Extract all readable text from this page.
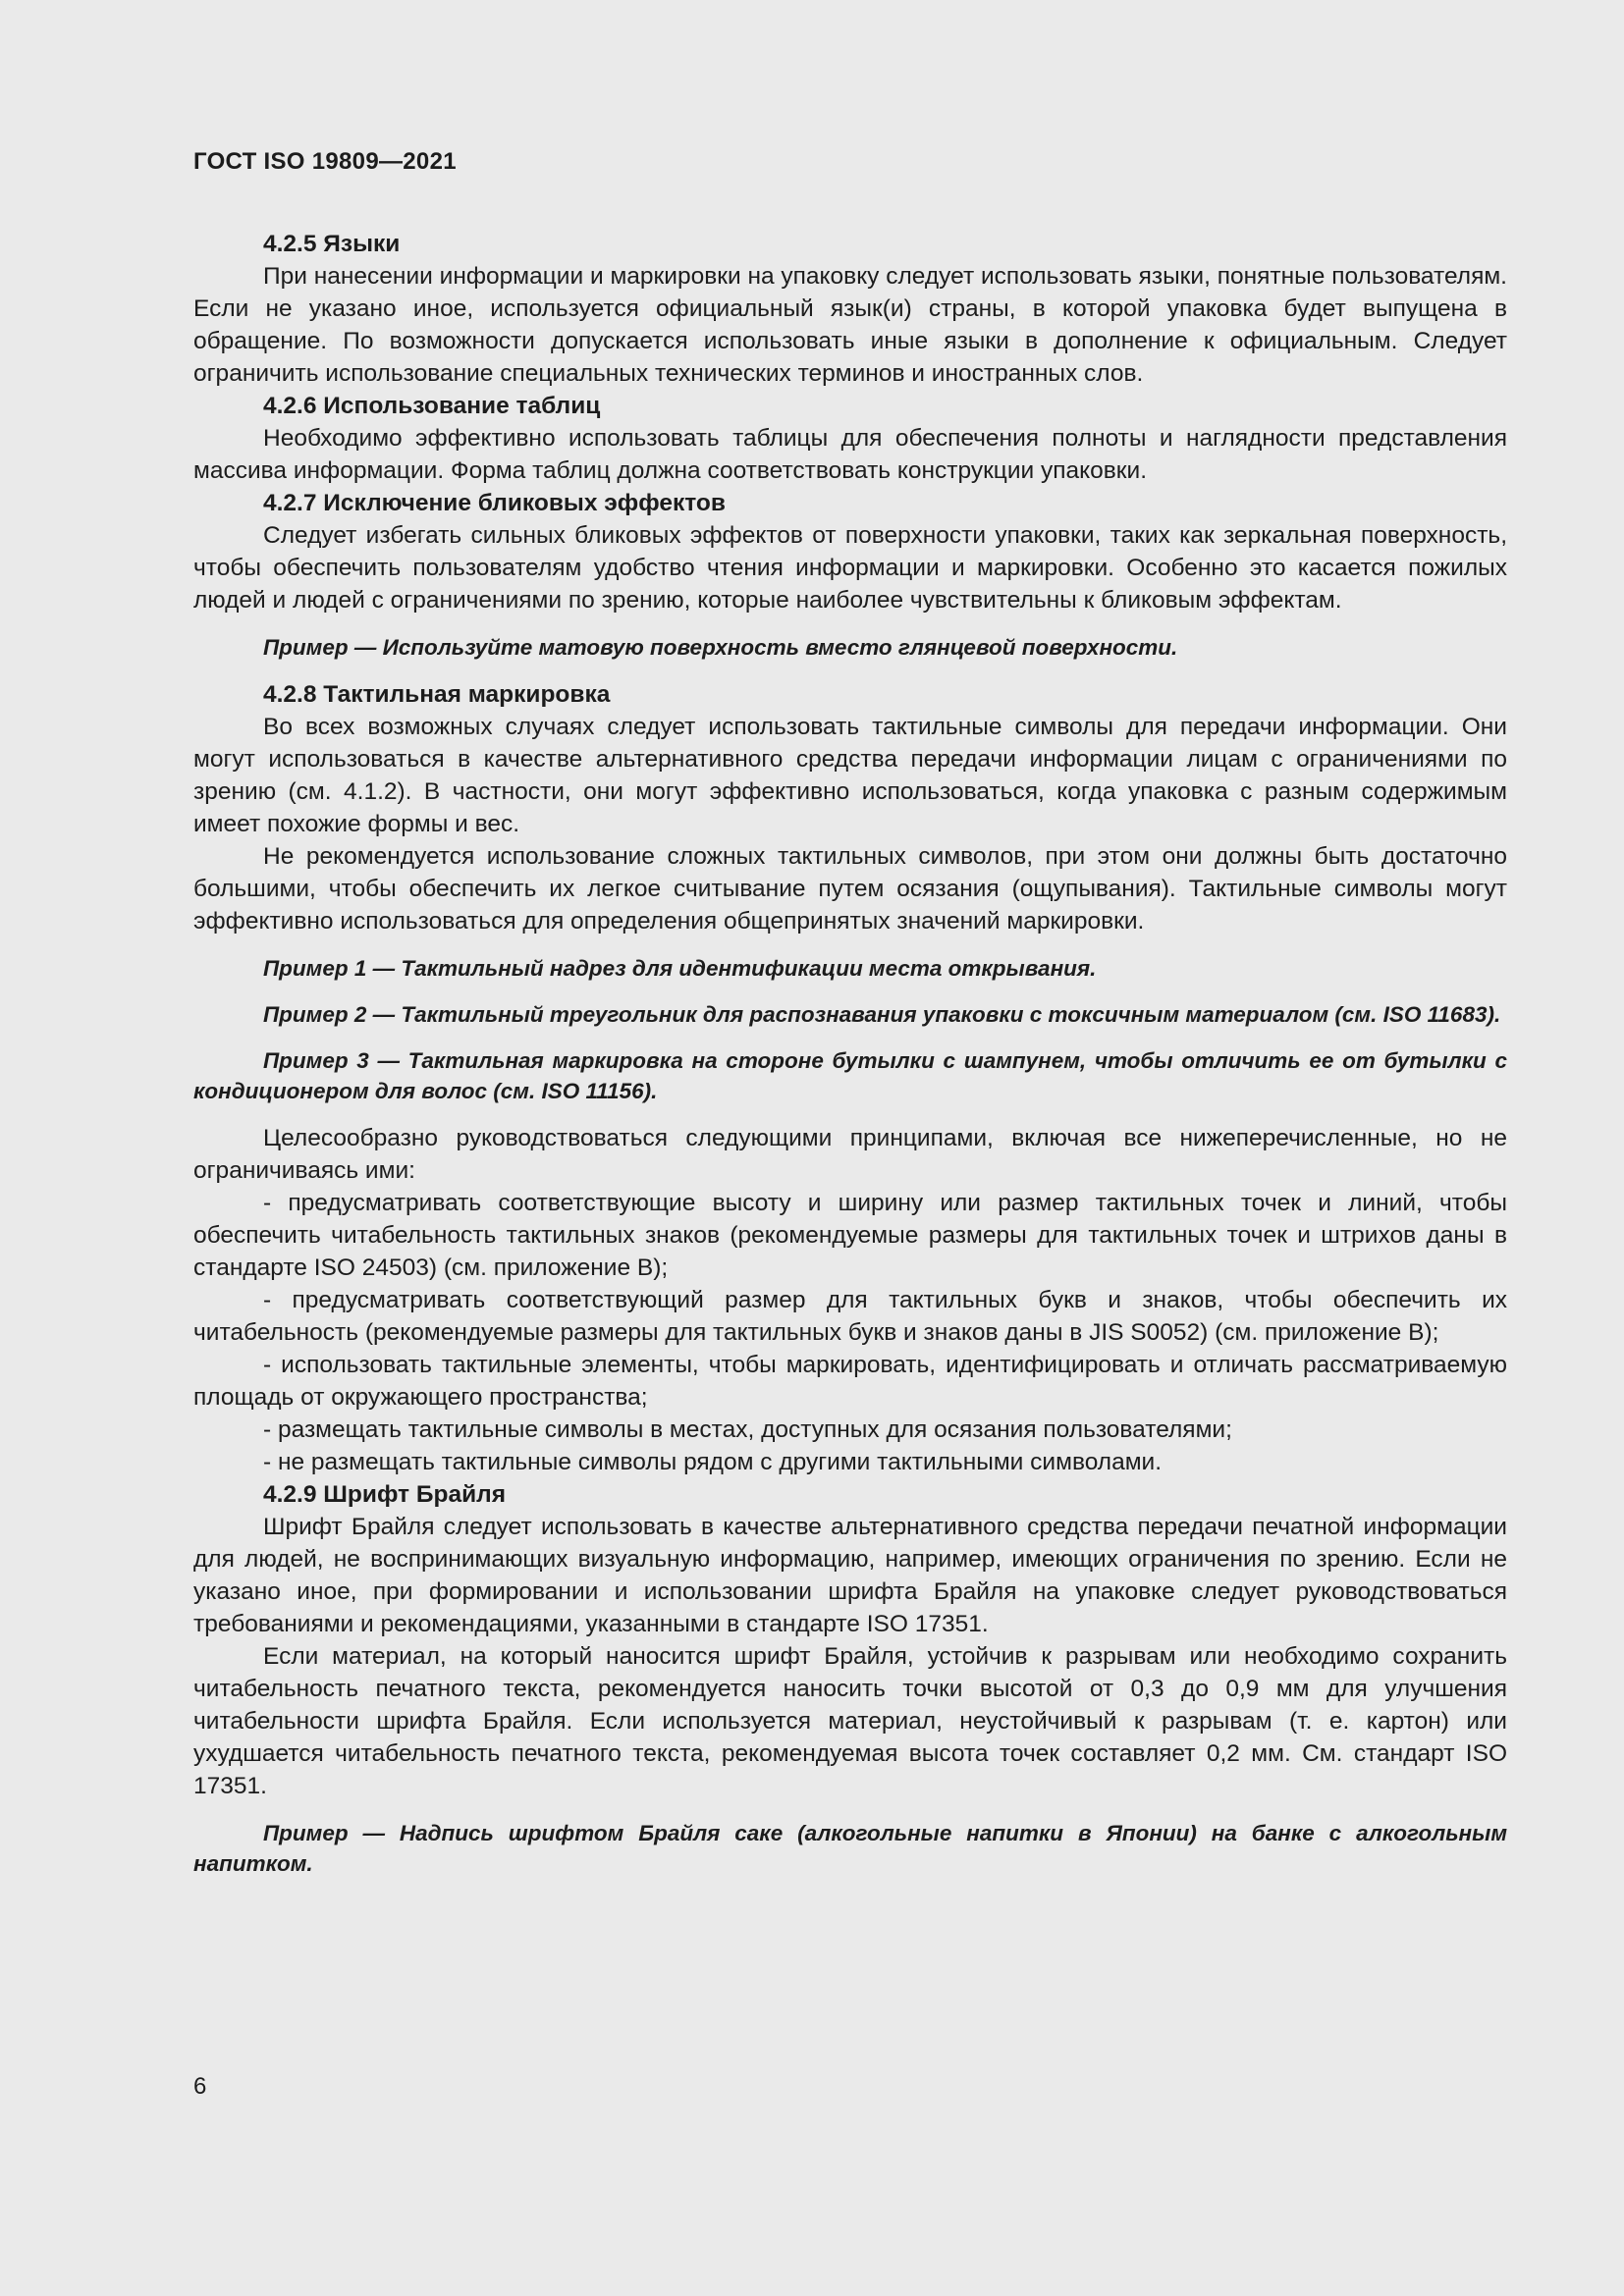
ГОСТ ISO 19809—2021
4.2.5 Языки

При нанесении информации и маркировки на упаковку следует использовать языки, понятные пользователям. Если не указано иное, используется официальный язык(и) страны, в которой упаковка будет выпущена в обращение. По возможности допускается использовать иные языки в дополнение к официальным. Следует ограничить использование специальных технических терминов и иностранных слов.

4.2.6 Использование таблиц

Необходимо эффективно использовать таблицы для обеспечения полноты и наглядности представления массива информации. Форма таблиц должна соответствовать конструкции упаковки.

4.2.7 Исключение бликовых эффектов

Следует избегать сильных бликовых эффектов от поверхности упаковки, таких как зеркальная поверхность, чтобы обеспечить пользователям удобство чтения информации и маркировки. Особенно это касается пожилых людей и людей с ограничениями по зрению, которые наиболее чувствительны к бликовым эффектам.

Пример — Используйте матовую поверхность вместо глянцевой поверхности.

4.2.8 Тактильная маркировка

Во всех возможных случаях следует использовать тактильные символы для передачи информации. Они могут использоваться в качестве альтернативного средства передачи информации лицам с ограничениями по зрению (см. 4.1.2). В частности, они могут эффективно использоваться, когда упаковка с разным содержимым имеет похожие формы и вес.

Не рекомендуется использование сложных тактильных символов, при этом они должны быть достаточно большими, чтобы обеспечить их легкое считывание путем осязания (ощупывания). Тактильные символы могут эффективно использоваться для определения общепринятых значений маркировки.

Пример 1 — Тактильный надрез для идентификации места открывания.

Пример 2 — Тактильный треугольник для распознавания упаковки с токсичным материалом (см. ISO 11683).

Пример 3 — Тактильная маркировка на стороне бутылки с шампунем, чтобы отличить ее от бутылки с кондиционером для волос (см. ISO 11156).

Целесообразно руководствоваться следующими принципами, включая все нижеперечисленные, но не ограничиваясь ими:

- предусматривать соответствующие высоту и ширину или размер тактильных точек и линий, чтобы обеспечить читабельность тактильных знаков (рекомендуемые размеры для тактильных точек и штрихов даны в стандарте ISO 24503) (см. приложение В);

- предусматривать соответствующий размер для тактильных букв и знаков, чтобы обеспечить их читабельность (рекомендуемые размеры для тактильных букв и знаков даны в JIS S0052) (см. приложение В);

- использовать тактильные элементы, чтобы маркировать, идентифицировать и отличать рассматриваемую площадь от окружающего пространства;

- размещать тактильные символы в местах, доступных для осязания пользователями;

- не размещать тактильные символы рядом с другими тактильными символами.

4.2.9 Шрифт Брайля

Шрифт Брайля следует использовать в качестве альтернативного средства передачи печатной информации для людей, не воспринимающих визуальную информацию, например, имеющих ограничения по зрению. Если не указано иное, при формировании и использовании шрифта Брайля на упаковке следует руководствоваться требованиями и рекомендациями, указанными в стандарте ISO 17351.

Если материал, на который наносится шрифт Брайля, устойчив к разрывам или необходимо сохранить читабельность печатного текста, рекомендуется наносить точки высотой от 0,3 до 0,9 мм для улучшения читабельности шрифта Брайля. Если используется материал, неустойчивый к разрывам (т. е. картон) или ухудшается читабельность печатного текста, рекомендуемая высота точек составляет 0,2 мм. См. стандарт ISO 17351.

Пример — Надпись шрифтом Брайля саке (алкогольные напитки в Японии) на банке с алкогольным напитком.

6
